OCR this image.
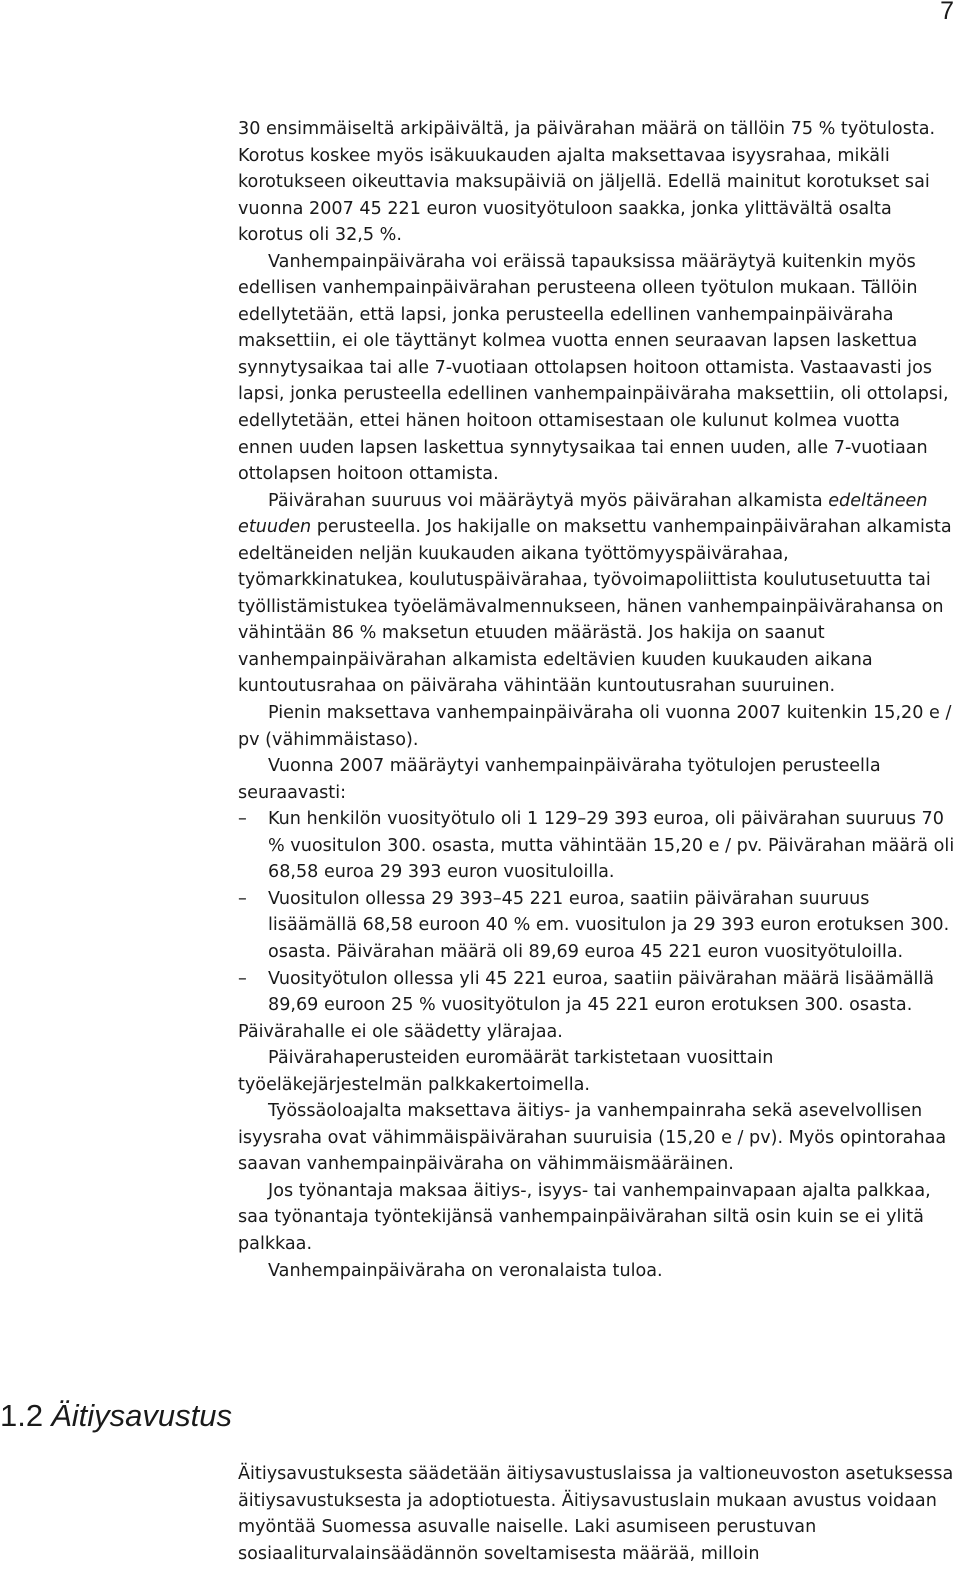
7

30 ensimmäiseltä arkipäivältä, ja päivärahan määrä on tällöin 75 % työtulosta. Korotus koskee myös isäkuukauden ajalta maksettavaa isyysrahaa, mikäli korotukseen oikeuttavia maksupäiviä on jäljellä. Edellä mainitut korotukset sai vuonna 2007 45 221 euron vuosityötuloon saakka, jonka ylittävältä osalta korotus oli 32,5 %.

Vanhempainpäiväraha voi eräissä tapauksissa määräytyä kuitenkin myös edellisen vanhempainpäivärahan perusteena olleen työtulon mukaan. Tällöin edellytetään, että lapsi, jonka perusteella edellinen vanhempainpäiväraha maksettiin, ei ole täyttänyt kolmea vuotta ennen seuraavan lapsen laskettua synnytysaikaa tai alle 7-vuotiaan ottolapsen hoitoon ottamista. Vastaavasti jos lapsi, jonka perusteella edellinen vanhempainpäiväraha maksettiin, oli ottolapsi, edellytetään, ettei hänen hoitoon ottamisestaan ole kulunut kolmea vuotta ennen uuden lapsen laskettua synnytysaikaa tai ennen uuden, alle 7-vuotiaan ottolapsen hoitoon ottamista.

Päivärahan suuruus voi määräytyä myös päivärahan alkamista edeltäneen etuuden perusteella. Jos hakijalle on maksettu vanhempainpäivärahan alkamista edeltäneiden neljän kuukauden aikana työttömyyspäivärahaa, työmarkkinatukea, koulutuspäivärahaa, työvoimapoliittista koulutusetuutta tai työllistämistukea työelämävalmennukseen, hänen vanhempainpäivärahansa on vähintään 86 % maksetun etuuden määrästä. Jos hakija on saanut vanhempainpäivärahan alkamista edeltävien kuuden kuukauden aikana kuntoutusrahaa on päiväraha vähintään kuntoutusrahan suuruinen.

Pienin maksettava vanhempainpäiväraha oli vuonna 2007 kuitenkin 15,20 e / pv (vähimmäistaso).

Vuonna 2007 määräytyi vanhempainpäiväraha työtulojen perusteella seuraavasti:

– Kun henkilön vuosityötulo oli 1 129–29 393 euroa, oli päivärahan suuruus 70 % vuositulon 300. osasta, mutta vähintään 15,20 e / pv. Päivärahan määrä oli 68,58 euroa 29 393 euron vuosituloilla.
– Vuositulon ollessa 29 393–45 221 euroa, saatiin päivärahan suuruus lisäämällä 68,58 euroon 40 % em. vuositulon ja 29 393 euron erotuksen 300. osasta. Päivärahan määrä oli 89,69 euroa 45 221 euron vuosityötuloilla.
– Vuosityötulon ollessa yli 45 221 euroa, saatiin päivärahan määrä lisäämällä 89,69 euroon 25 % vuosityötulon ja 45 221 euron erotuksen 300. osasta.

Päivärahalle ei ole säädetty ylärajaa.

Päivärahaperusteiden euromäärät tarkistetaan vuosittain työeläkejärjestelmän palkkakertoimella.

Työssäoloajalta maksettava äitiys- ja vanhempainraha sekä asevelvollisen isyysraha ovat vähimmäispäivärahan suuruisia (15,20 e / pv). Myös opintorahaa saavan vanhempainpäiväraha on vähimmäismääräinen.

Jos työnantaja maksaa äitiys-, isyys- tai vanhempainvapaan ajalta palkkaa, saa työnantaja työntekijänsä vanhempainpäivärahan siltä osin kuin se ei ylitä palkkaa.

Vanhempainpäiväraha on veronalaista tuloa.

1.2 Äitiysavustus

Äitiysavustuksesta säädetään äitiysavustuslaissa ja valtioneuvoston asetuksessa äitiysavustuksesta ja adoptiotuesta. Äitiysavustuslain mukaan avustus voidaan myöntää Suomessa asuvalle naiselle. Laki asumiseen perustuvan sosiaaliturvalainsäädännön soveltamisesta määrää, milloin
